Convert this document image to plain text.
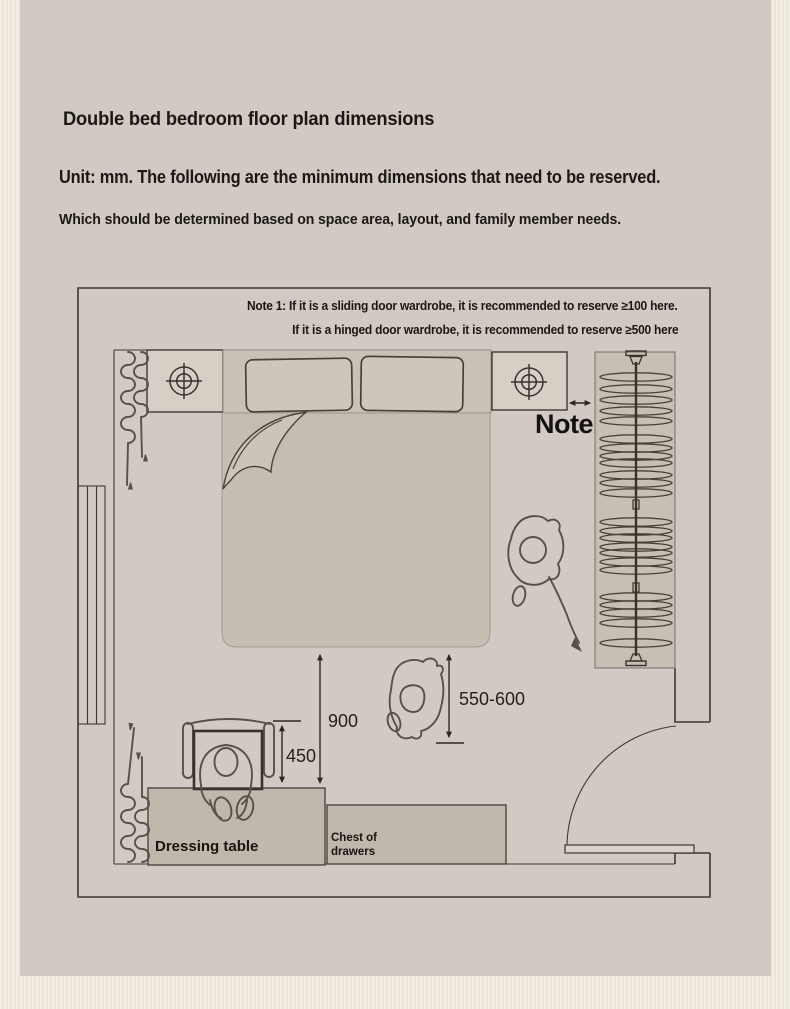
Double bed bedroom floor plan dimensions
Unit: mm. The following are the minimum dimensions that need to be reserved.
Which should be determined based on space area, layout, and family member needs.
Note 1: If it is a sliding door wardrobe, it is recommended to reserve ≥100 here.
If it is a hinged door wardrobe, it is recommended to reserve ≥500 here
Note
900
450
550-600
Dressing table	Chest of drawers
